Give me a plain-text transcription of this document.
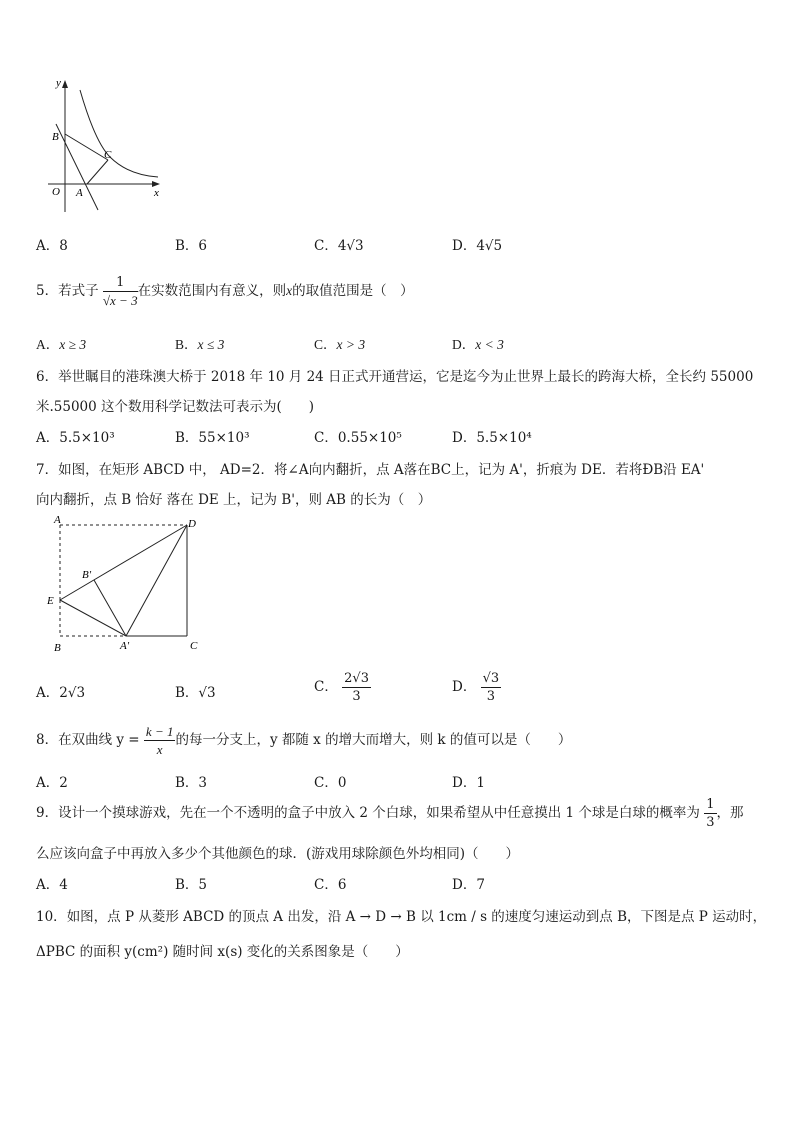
y
x
O
B
A
C
A．8	B．6	C．4√3	D．4√5
5．若式子 $\frac{1}{√x - 3}$ 在实数范围内有意义，则x的取值范围是（　）
A．x ≥ 3	B．x ≤ 3	C．x > 3	D．x < 3
6．举世瞩目的港珠澳大桥于 2018 年 10 月 24 日正式开通营运，它是迄今为止世界上最长的跨海大桥，全长约 55000
米.55000 这个数用科学记数法可表示为(　　)
A．5.5×10³	B．55×10³	C．0.55×10⁵	D．5.5×10⁴
7．如图，在矩形 ABCD 中， AD=2．将∠A向内翻折，点 A落在BC上，记为 A'，折痕为 DE．若将ÐB沿 EA'
向内翻折，点 B 恰好 落在 DE 上，记为 B'，则 AB 的长为（　）
A	D
B'
E
B	A'	C
A．2√3	B．√3	C． $\frac{2√3}{3}$	D． $\frac{√3}{3}$
8．在双曲线 $y = \frac{k - 1}{x}$ 的每一分支上，y 都随 x 的增大而增大，则 k 的值可以是（　　）
A．2	B．3	C．0	D．1
9．设计一个摸球游戏，先在一个不透明的盒子中放入 2 个白球，如果希望从中任意摸出 1 个球是白球的概率为 $\frac{1}{3}$ ，那
么应该向盒子中再放入多少个其他颜色的球．(游戏用球除颜色外均相同)（　　）
A．4	B．5	C．6	D．7
10．如图，点 P 从菱形 ABCD 的顶点 A 出发，沿 A → D → B 以 1cm / s 的速度匀速运动到点 B，下图是点 P 运动时，
ΔPBC 的面积 y(cm²) 随时间 x(s) 变化的关系图象是（　　）
